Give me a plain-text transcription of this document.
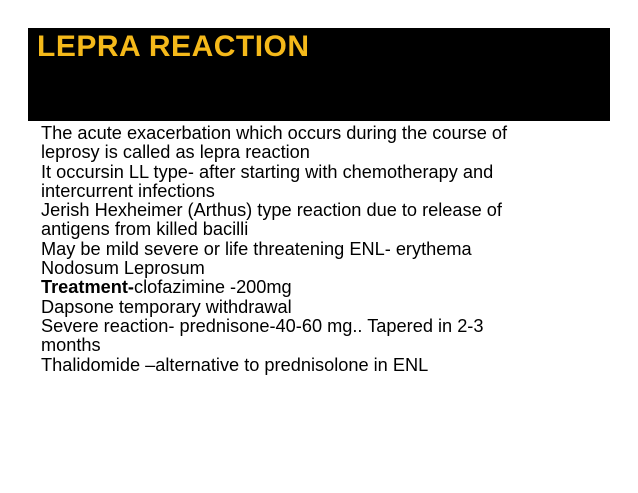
LEPRA REACTION
The acute exacerbation which occurs during the course of
leprosy is called as lepra reaction
It occursin LL type- after starting with chemotherapy and
intercurrent infections
Jerish Hexheimer (Arthus) type reaction due to release of
antigens from killed bacilli
May be mild severe or life threatening ENL- erythema
Nodosum Leprosum
Treatment-clofazimine -200mg
Dapsone temporary withdrawal
Severe reaction- prednisone-40-60 mg.. Tapered in 2-3
months
Thalidomide –alternative to prednisolone in ENL
